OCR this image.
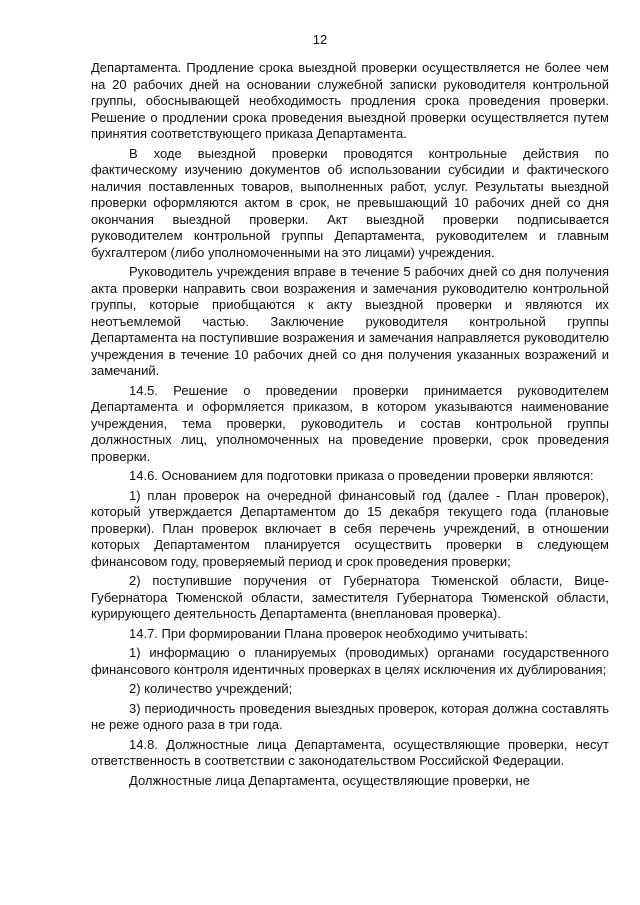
12

Департамента. Продление срока выездной проверки осуществляется не более чем на 20 рабочих дней на основании служебной записки руководителя контрольной группы, обоснывающей необходимость продления срока проведения проверки. Решение о продлении срока проведения выездной проверки осуществляется путем принятия соответствующего приказа Департамента.

В ходе выездной проверки проводятся контрольные действия по фактическому изучению документов об использовании субсидии и фактического наличия поставленных товаров, выполненных работ, услуг. Результаты выездной проверки оформляются актом в срок, не превышающий 10 рабочих дней со дня окончания выездной проверки. Акт выездной проверки подписывается руководителем контрольной группы Департамента, руководителем и главным бухгалтером (либо уполномоченными на это лицами) учреждения.

Руководитель учреждения вправе в течение 5 рабочих дней со дня получения акта проверки направить свои возражения и замечания руководителю контрольной группы, которые приобщаются к акту выездной проверки и являются их неотъемлемой частью. Заключение руководителя контрольной группы Департамента на поступившие возражения и замечания направляется руководителю учреждения в течение 10 рабочих дней со дня получения указанных возражений и замечаний.

14.5. Решение о проведении проверки принимается руководителем Департамента и оформляется приказом, в котором указываются наименование учреждения, тема проверки, руководитель и состав контрольной группы должностных лиц, уполномоченных на проведение проверки, срок проведения проверки.

14.6. Основанием для подготовки приказа о проведении проверки являются:

1) план проверок на очередной финансовый год (далее - План проверок), который утверждается Департаментом до 15 декабря текущего года (плановые проверки). План проверок включает в себя перечень учреждений, в отношении которых Департаментом планируется осуществить проверки в следующем финансовом году, проверяемый период и срок проведения проверки;

2) поступившие поручения от Губернатора Тюменской области, Вице-Губернатора Тюменской области, заместителя Губернатора Тюменской области, курирующего деятельность Департамента (внеплановая проверка).

14.7. При формировании Плана проверок необходимо учитывать:

1) информацию о планируемых (проводимых) органами государственного финансового контроля идентичных проверках в целях исключения их дублирования;

2) количество учреждений;

3) периодичность проведения выездных проверок, которая должна составлять не реже одного раза в три года.

14.8. Должностные лица Департамента, осуществляющие проверки, несут ответственность в соответствии с законодательством Российской Федерации.

Должностные лица Департамента, осуществляющие проверки, не
